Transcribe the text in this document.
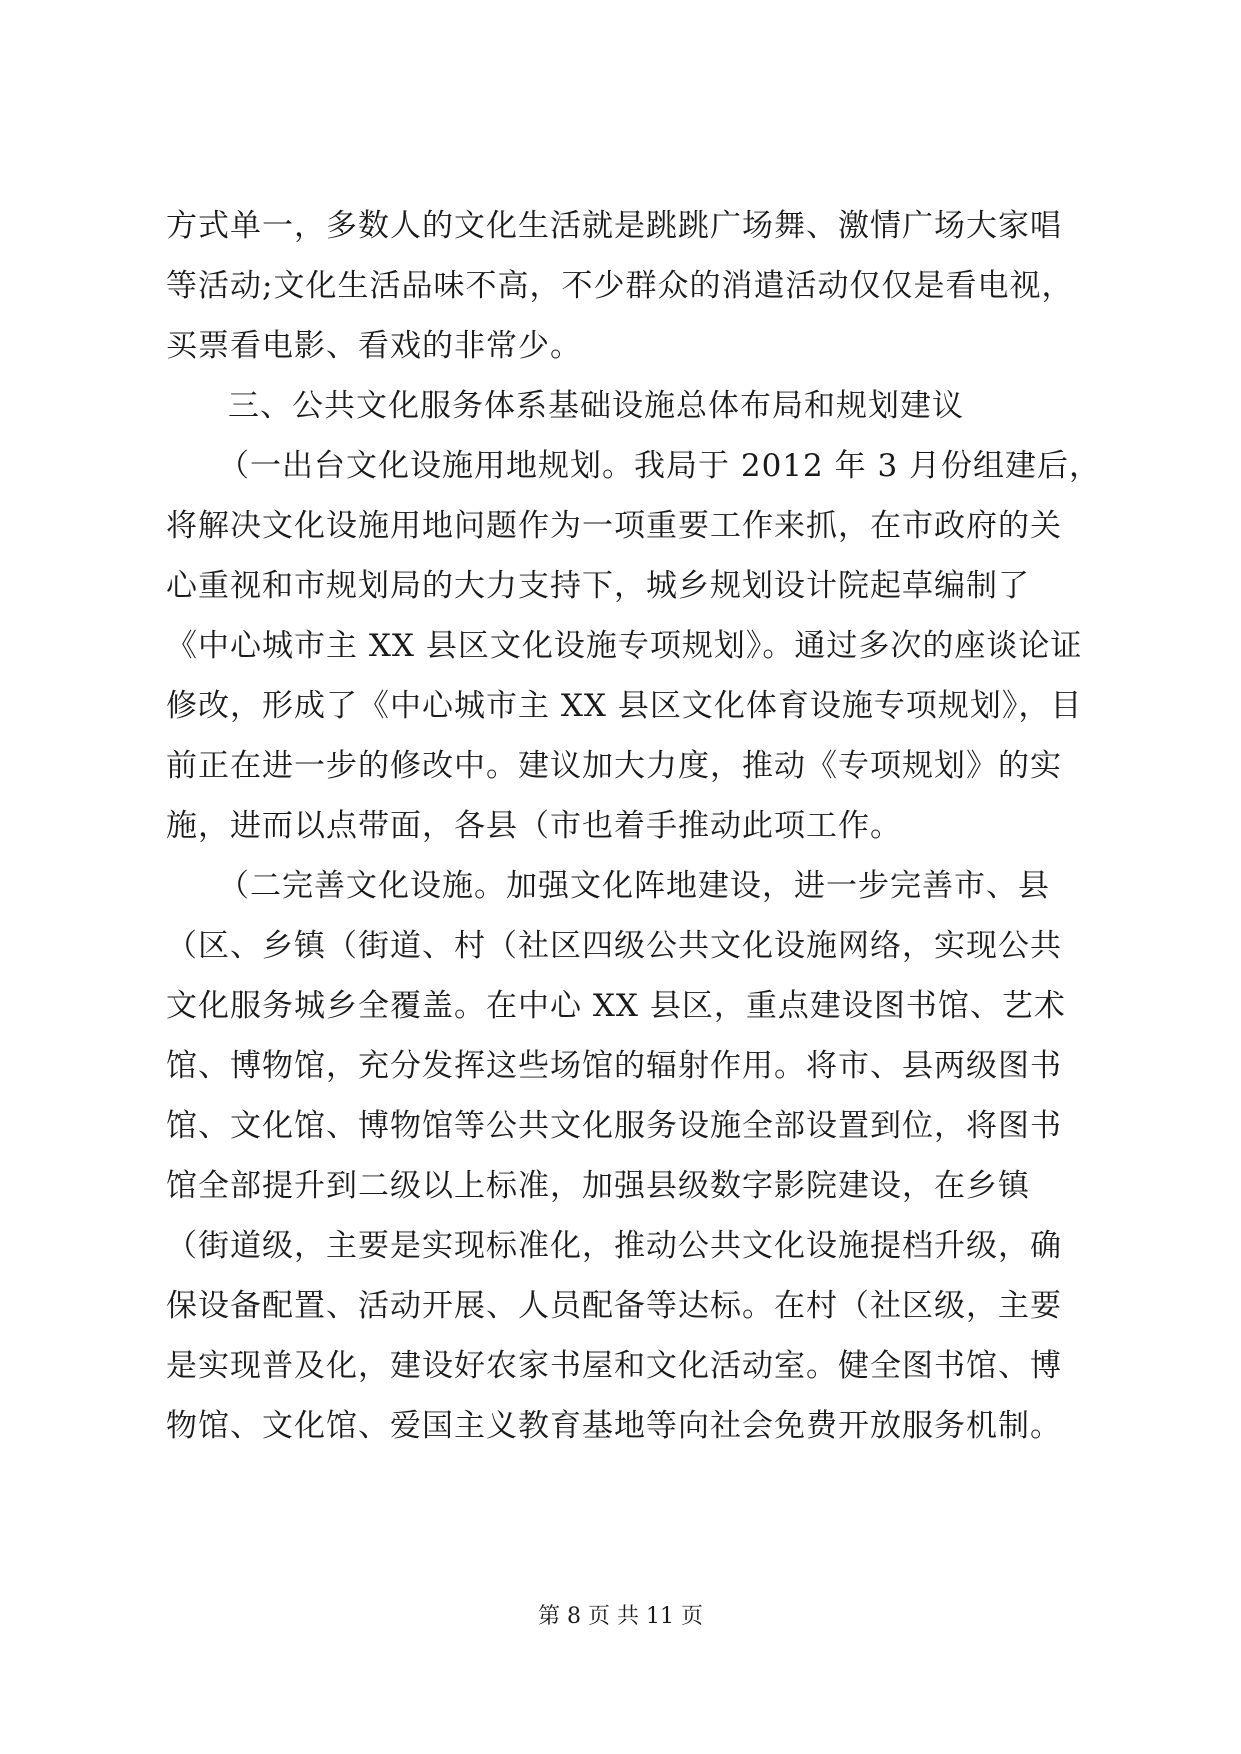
方式单一，多数人的文化生活就是跳跳广场舞、激情广场大家唱
等活动;文化生活品味不高，不少群众的消遣活动仅仅是看电视，
买票看电影、看戏的非常少。
三、公共文化服务体系基础设施总体布局和规划建议
（一出台文化设施用地规划。我局于 2012 年 3 月份组建后，
将解决文化设施用地问题作为一项重要工作来抓，在市政府的关
心重视和市规划局的大力支持下，城乡规划设计院起草编制了
《中心城市主 XX 县区文化设施专项规划》。通过多次的座谈论证
修改，形成了《中心城市主 XX 县区文化体育设施专项规划》，目
前正在进一步的修改中。建议加大力度，推动《专项规划》的实
施，进而以点带面，各县（市也着手推动此项工作。
（二完善文化设施。加强文化阵地建设，进一步完善市、县
（区、乡镇（街道、村（社区四级公共文化设施网络，实现公共
文化服务城乡全覆盖。在中心 XX 县区，重点建设图书馆、艺术
馆、博物馆，充分发挥这些场馆的辐射作用。将市、县两级图书
馆、文化馆、博物馆等公共文化服务设施全部设置到位，将图书
馆全部提升到二级以上标准，加强县级数字影院建设，在乡镇
（街道级，主要是实现标准化，推动公共文化设施提档升级，确
保设备配置、活动开展、人员配备等达标。在村（社区级，主要
是实现普及化，建设好农家书屋和文化活动室。健全图书馆、博
物馆、文化馆、爱国主义教育基地等向社会免费开放服务机制。
第 8 页 共 11 页
